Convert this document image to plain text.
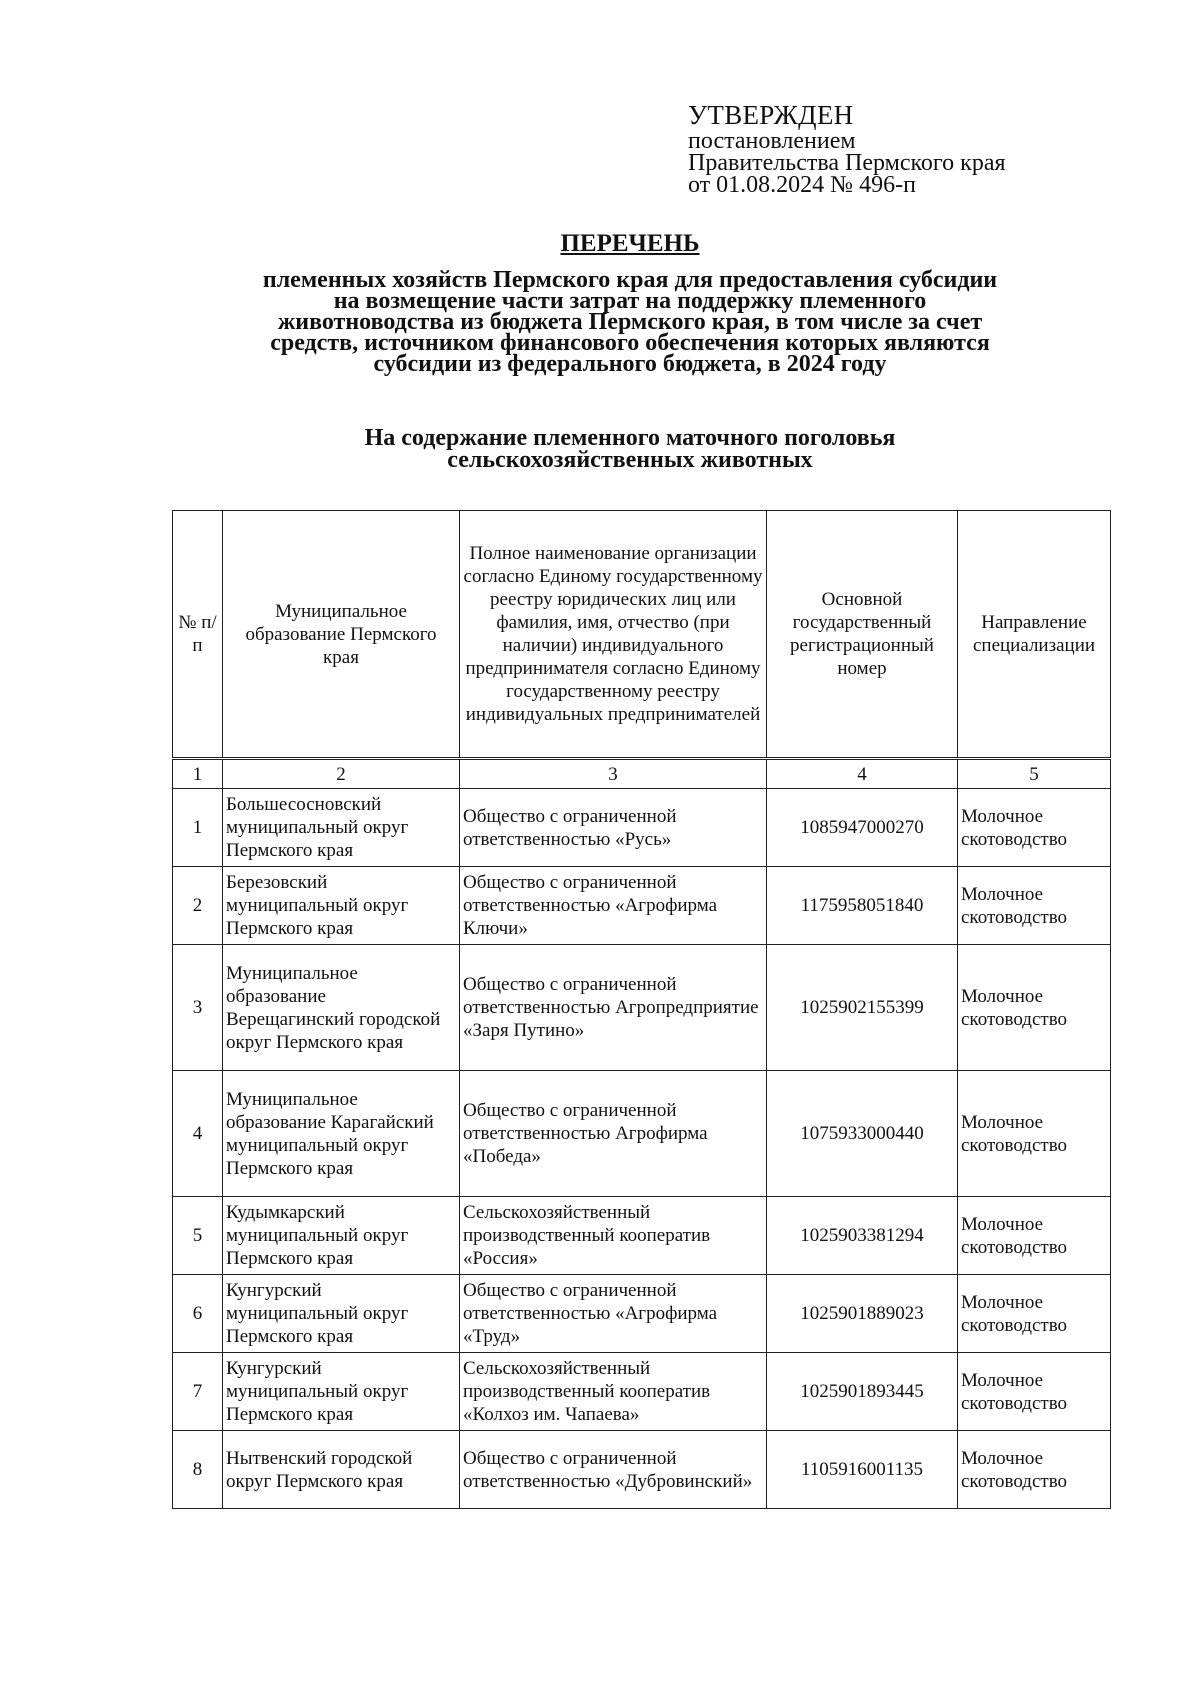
УТВЕРЖДЕН
постановлением
Правительства Пермского края
от 01.08.2024 № 496-п
ПЕРЕЧЕНЬ
племенных хозяйств Пермского края для предоставления субсидии
на возмещение части затрат на поддержку племенного
животноводства из бюджета Пермского края, в том числе за счет
средств, источником финансового обеспечения которых являются
субсидии из федерального бюджета, в 2024 году
На содержание племенного маточного поголовья
сельскохозяйственных животных
№ п/п	Муниципальное образование Пермского края	Полное наименование организации согласно Единому государственному реестру юридических лиц или фамилия, имя, отчество (при наличии) индивидуального предпринимателя согласно Единому государственному реестру индивидуальных предпринимателей	Основной государственный регистрационный номер	Направление специализации
1	2	3	4	5
1	Большесосновский муниципальный округ Пермского края	Общество с ограниченной ответственностью «Русь»	1085947000270	Молочное скотоводство
2	Березовский муниципальный округ Пермского края	Общество с ограниченной ответственностью «Агрофирма Ключи»	1175958051840	Молочное скотоводство
3	Муниципальное образование Верещагинский городской округ Пермского края	Общество с ограниченной ответственностью Агропредприятие «Заря Путино»	1025902155399	Молочное скотоводство
4	Муниципальное образование Карагайский муниципальный округ Пермского края	Общество с ограниченной ответственностью Агрофирма «Победа»	1075933000440	Молочное скотоводство
5	Кудымкарский муниципальный округ Пермского края	Сельскохозяйственный производственный кооператив «Россия»	1025903381294	Молочное скотоводство
6	Кунгурский муниципальный округ Пермского края	Общество с ограниченной ответственностью «Агрофирма «Труд»	1025901889023	Молочное скотоводство
7	Кунгурский муниципальный округ Пермского края	Сельскохозяйственный производственный кооператив «Колхоз им. Чапаева»	1025901893445	Молочное скотоводство
8	Нытвенский городской округ Пермского края	Общество с ограниченной ответственностью «Дубровинский»	1105916001135	Молочное скотоводство
